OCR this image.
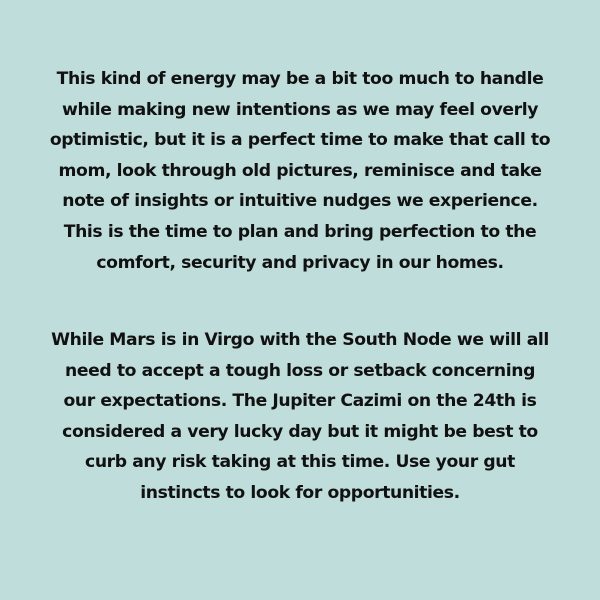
This kind of energy may be a bit too much to handle
while making new intentions as we may feel overly
optimistic, but it is a perfect time to make that call to
mom, look through old pictures, reminisce and take
note of insights or intuitive nudges we experience.
This is the time to plan and bring perfection to the
comfort, security and privacy in our homes.
While Mars is in Virgo with the South Node we will all
need to accept a tough loss or setback concerning
our expectations. The Jupiter Cazimi on the 24th is
considered a very lucky day but it might be best to
curb any risk taking at this time. Use your gut
instincts to look for opportunities.
